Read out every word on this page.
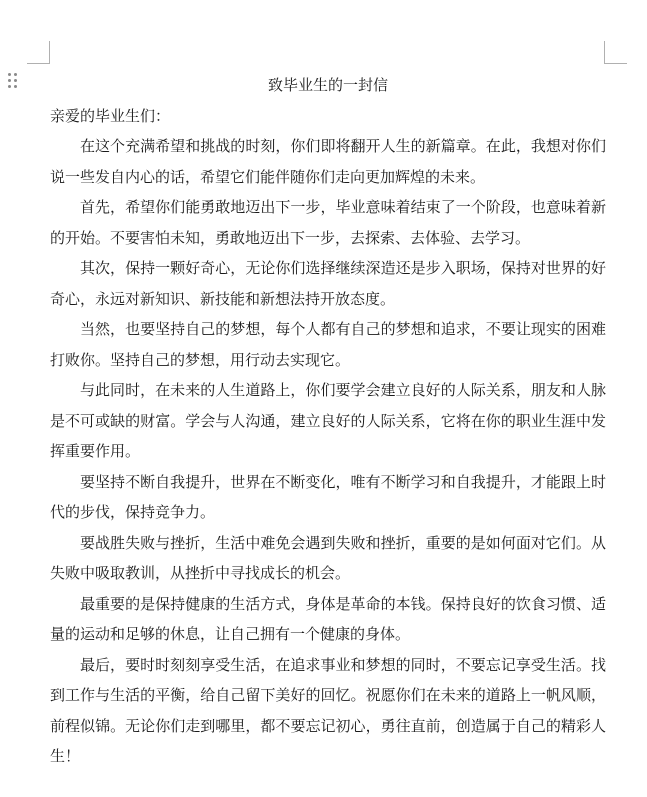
致毕业生的一封信

亲爱的毕业生们：

在这个充满希望和挑战的时刻，你们即将翻开人生的新篇章。在此，我想对你们说一些发自内心的话，希望它们能伴随你们走向更加辉煌的未来。

首先，希望你们能勇敢地迈出下一步，毕业意味着结束了一个阶段，也意味着新的开始。不要害怕未知，勇敢地迈出下一步，去探索、去体验、去学习。

其次，保持一颗好奇心，无论你们选择继续深造还是步入职场，保持对世界的好奇心，永远对新知识、新技能和新想法持开放态度。

当然，也要坚持自己的梦想，每个人都有自己的梦想和追求，不要让现实的困难打败你。坚持自己的梦想，用行动去实现它。

与此同时，在未来的人生道路上，你们要学会建立良好的人际关系，朋友和人脉是不可或缺的财富。学会与人沟通，建立良好的人际关系，它将在你的职业生涯中发挥重要作用。

要坚持不断自我提升，世界在不断变化，唯有不断学习和自我提升，才能跟上时代的步伐，保持竞争力。

要战胜失败与挫折，生活中难免会遇到失败和挫折，重要的是如何面对它们。从失败中吸取教训，从挫折中寻找成长的机会。

最重要的是保持健康的生活方式，身体是革命的本钱。保持良好的饮食习惯、适量的运动和足够的休息，让自己拥有一个健康的身体。

最后，要时时刻刻享受生活，在追求事业和梦想的同时，不要忘记享受生活。找到工作与生活的平衡，给自己留下美好的回忆。祝愿你们在未来的道路上一帆风顺，前程似锦。无论你们走到哪里，都不要忘记初心，勇往直前，创造属于自己的精彩人生！
